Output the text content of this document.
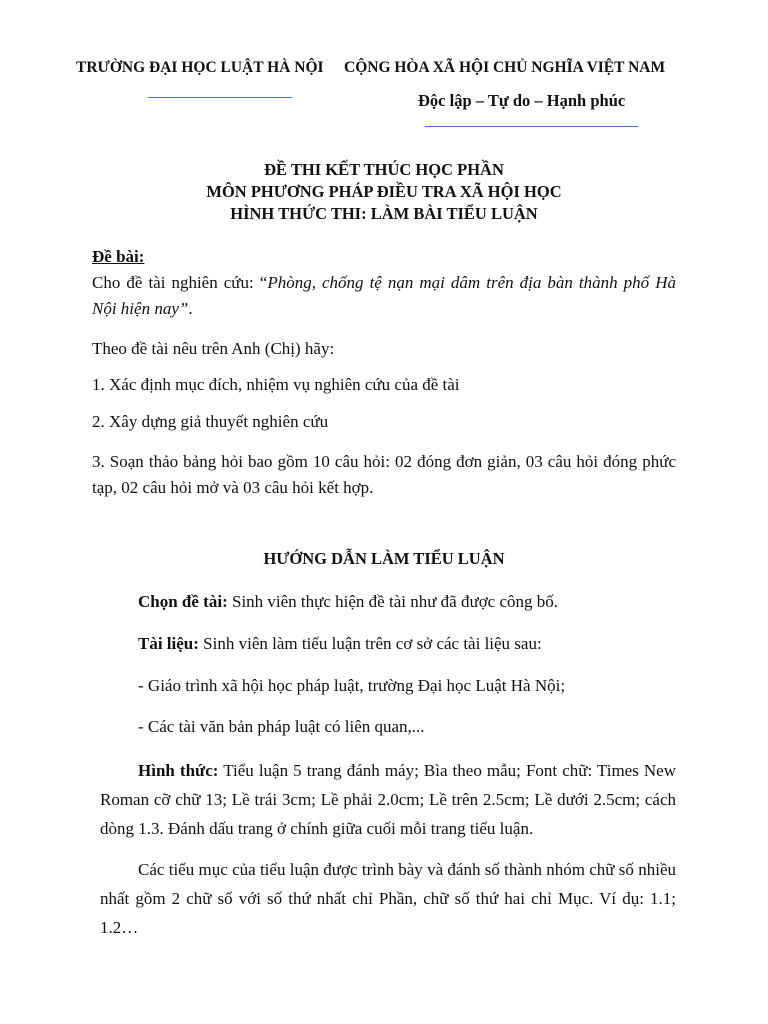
TRƯỜNG ĐẠI HỌC LUẬT HÀ NỘI CỘNG HÒA XÃ HỘI CHỦ NGHĨA VIỆT NAM
Độc lập – Tự do – Hạnh phúc
ĐỀ THI KẾT THÚC HỌC PHẦN
MÔN PHƯƠNG PHÁP ĐIỀU TRA XÃ HỘI HỌC
HÌNH THỨC THI: LÀM BÀI TIỂU LUẬN
Đề bài:
Cho đề tài nghiên cứu: “Phòng, chống tệ nạn mại dâm trên địa bàn thành phố Hà Nội hiện nay”.
Theo đề tài nêu trên Anh (Chị) hãy:
1. Xác định mục đích, nhiệm vụ nghiên cứu của đề tài
2. Xây dựng giả thuyết nghiên cứu
3. Soạn thảo bảng hỏi bao gồm 10 câu hỏi: 02 đóng đơn giản, 03 câu hỏi đóng phức tạp, 02 câu hỏi mở và 03 câu hỏi kết hợp.
HƯỚNG DẪN LÀM TIỂU LUẬN
Chọn đề tài: Sinh viên thực hiện đề tài như đã được công bố.
Tài liệu: Sinh viên làm tiểu luận trên cơ sở các tài liệu sau:
- Giáo trình xã hội học pháp luật, trường Đại học Luật Hà Nội;
- Các tài văn bản pháp luật có liên quan,...
Hình thức: Tiểu luận 5 trang đánh máy; Bìa theo mẫu; Font chữ: Times New Roman cỡ chữ 13; Lề trái 3cm; Lề phải 2.0cm; Lề trên 2.5cm; Lề dưới 2.5cm; cách dòng 1.3. Đánh dấu trang ở chính giữa cuối mỗi trang tiểu luận.
Các tiểu mục của tiểu luận được trình bày và đánh số thành nhóm chữ số nhiều nhất gồm 2 chữ số với số thứ nhất chỉ Phần, chữ số thứ hai chỉ Mục. Ví dụ: 1.1; 1.2…
